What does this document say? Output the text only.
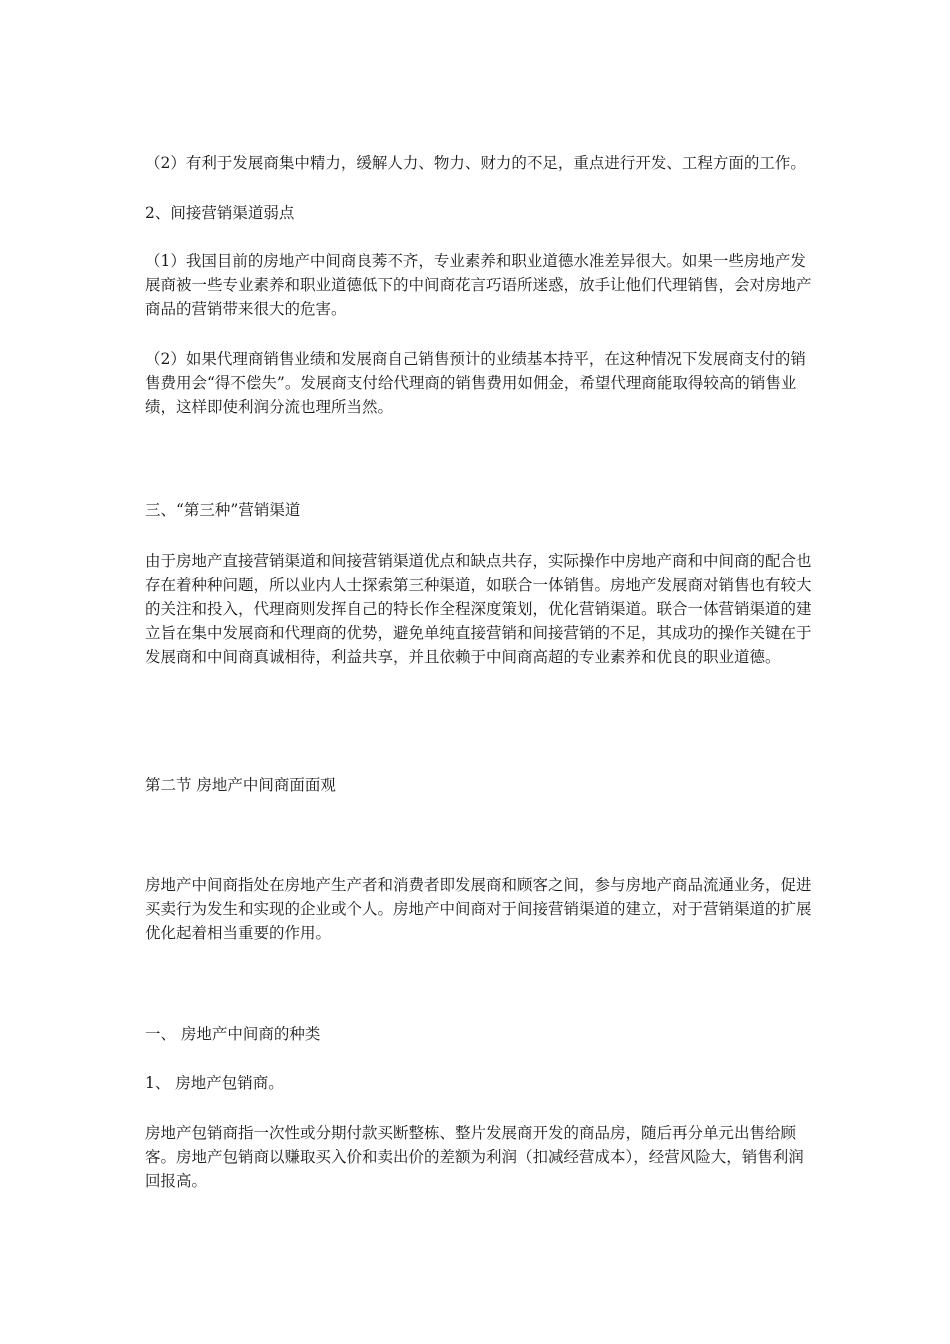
（2）有利于发展商集中精力，缓解人力、物力、财力的不足，重点进行开发、工程方面的工作。

2、间接营销渠道弱点

（1）我国目前的房地产中间商良莠不齐，专业素养和职业道德水准差异很大。如果一些房地产发展商被一些专业素养和职业道德低下的中间商花言巧语所迷惑，放手让他们代理销售，会对房地产商品的营销带来很大的危害。

（2）如果代理商销售业绩和发展商自己销售预计的业绩基本持平，在这种情况下发展商支付的销售费用会“得不偿失”。发展商支付给代理商的销售费用如佣金，希望代理商能取得较高的销售业绩，这样即使利润分流也理所当然。

三、“第三种”营销渠道

由于房地产直接营销渠道和间接营销渠道优点和缺点共存，实际操作中房地产商和中间商的配合也存在着种种问题，所以业内人士探索第三种渠道，如联合一体销售。房地产发展商对销售也有较大的关注和投入，代理商则发挥自己的特长作全程深度策划，优化营销渠道。联合一体营销渠道的建立旨在集中发展商和代理商的优势，避免单纯直接营销和间接营销的不足，其成功的操作关键在于发展商和中间商真诚相待，利益共享，并且依赖于中间商高超的专业素养和优良的职业道德。

第二节 房地产中间商面面观

房地产中间商指处在房地产生产者和消费者即发展商和顾客之间，参与房地产商品流通业务，促进买卖行为发生和实现的企业或个人。房地产中间商对于间接营销渠道的建立，对于营销渠道的扩展优化起着相当重要的作用。

一、 房地产中间商的种类

1、 房地产包销商。

房地产包销商指一次性或分期付款买断整栋、整片发展商开发的商品房，随后再分单元出售给顾客。房地产包销商以赚取买入价和卖出价的差额为利润（扣减经营成本），经营风险大，销售利润回报高。
